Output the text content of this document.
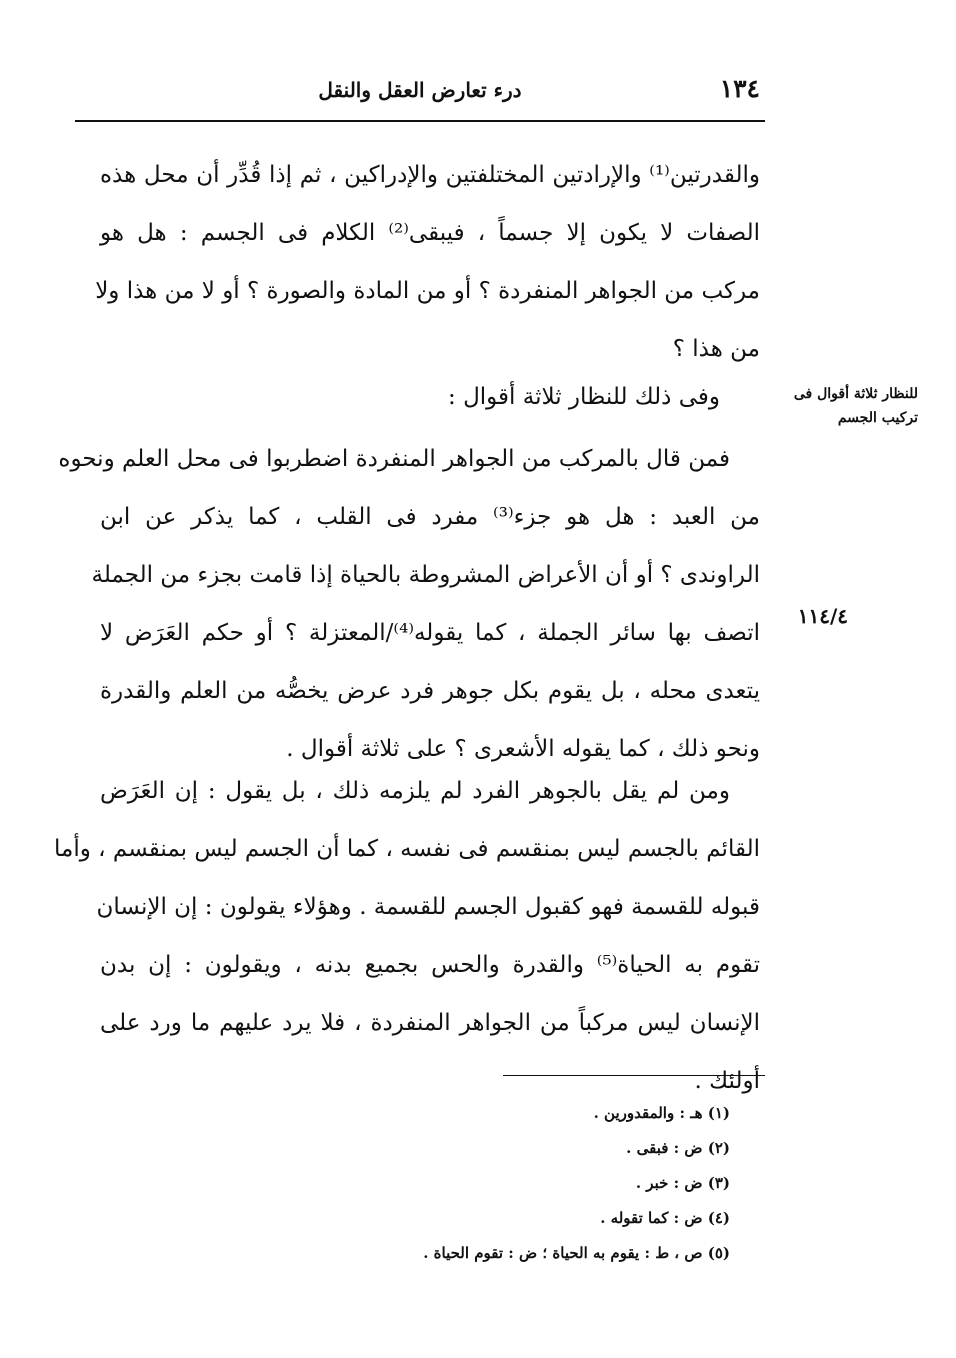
١٣٤
درء تعارض العقل والنقل
والقدرتين⁽¹⁾ والإرادتين المختلفتين والإدراكين ، ثم إذا قُدِّر أن محل هذه
الصفات لا يكون إلا جسماً ، فيبقى⁽²⁾ الكلام فى الجسم : هل هو
مركب من الجواهر المنفردة ؟ أو من المادة والصورة ؟ أو لا من هذا ولا
من هذا ؟
وفى ذلك للنظار ثلاثة أقوال :	للنظار ثلاثة أقوال فى
تركيب الجسم
فمن قال بالمركب من الجواهر المنفردة اضطربوا فى محل العلم ونحوه
من العبد : هل هو جزء⁽³⁾ مفرد فى القلب ، كما يذكر عن ابن
الراوندى ؟ أو أن الأعراض المشروطة بالحياة إذا قامت بجزء من الجملة
اتصف بها سائر الجملة ، كما يقوله⁽⁴⁾/المعتزلة ؟ أو حكم العَرَض لا
يتعدى محله ، بل يقوم بكل جوهر فرد عرض يخصُّه من العلم والقدرة
ونحو ذلك ، كما يقوله الأشعرى ؟ على ثلاثة أقوال .
١١٤/٤
ومن لم يقل بالجوهر الفرد لم يلزمه ذلك ، بل يقول : إن العَرَض
القائم بالجسم ليس بمنقسم فى نفسه ، كما أن الجسم ليس بمنقسم ، وأما
قبوله للقسمة فهو كقبول الجسم للقسمة . وهؤلاء يقولون : إن الإنسان
تقوم به الحياة⁽⁵⁾ والقدرة والحس بجميع بدنه ، ويقولون : إن بدن
الإنسان ليس مركباً من الجواهر المنفردة ، فلا يرد عليهم ما ورد على
أولئك .
(١) هـ : والمقدورين .
(٢) ض : فبقى .
(٣) ض : خبر .
(٤) ض : كما تقوله .
(٥) ص ، ط : يقوم به الحياة ؛ ض : تقوم الحياة .
